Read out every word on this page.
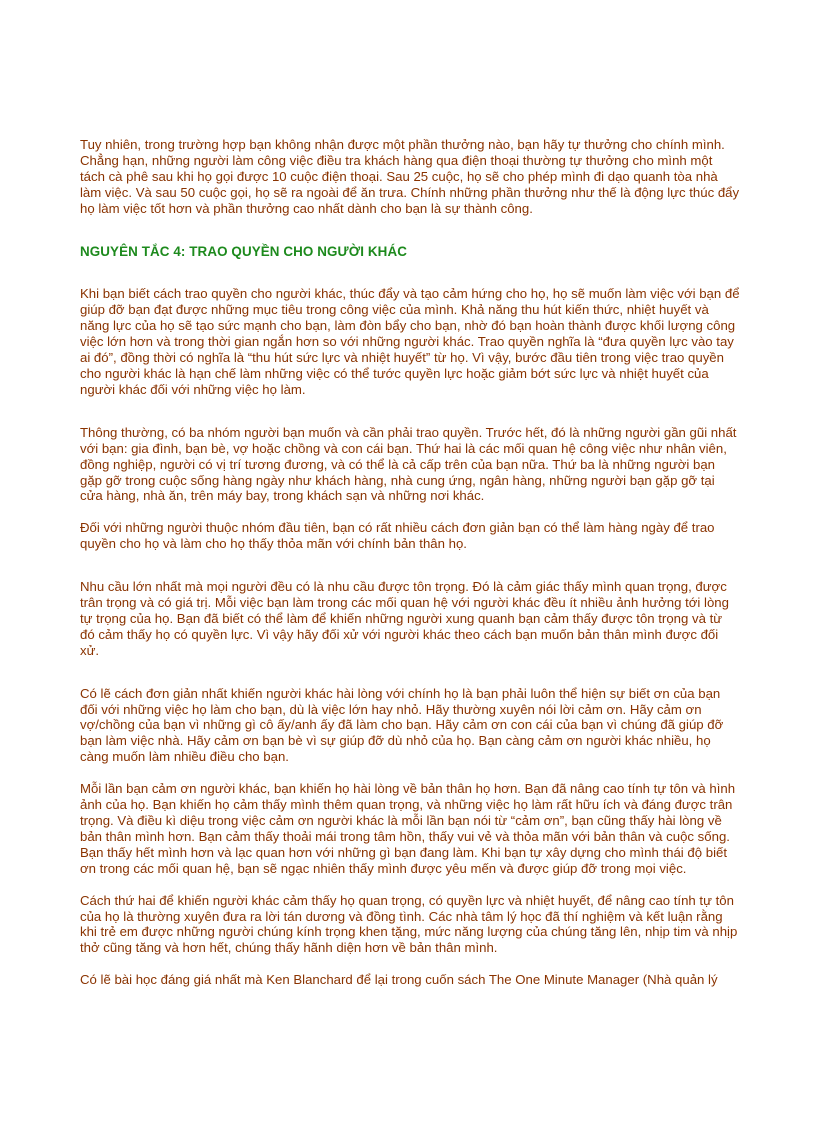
Tuy nhiên, trong trường hợp bạn không nhận được một phần thưởng nào, bạn hãy tự thưởng cho chính mình. Chẳng hạn, những người làm công việc điều tra khách hàng qua điện thoại thường tự thưởng cho mình một tách cà phê sau khi họ gọi được 10 cuộc điện thoại. Sau 25 cuộc, họ sẽ cho phép mình đi dạo quanh tòa nhà làm việc. Và sau 50 cuộc gọi, họ sẽ ra ngoài để ăn trưa. Chính những phần thưởng như thế là động lực thúc đẩy họ làm việc tốt hơn và phần thưởng cao nhất dành cho bạn là sự thành công.

NGUYÊN TẮC 4: TRAO QUYỀN CHO NGƯỜI KHÁC

Khi bạn biết cách trao quyền cho người khác, thúc đẩy và tạo cảm hứng cho họ, họ sẽ muốn làm việc với bạn để giúp đỡ bạn đạt được những mục tiêu trong công việc của mình. Khả năng thu hút kiến thức, nhiệt huyết và năng lực của họ sẽ tạo sức mạnh cho bạn, làm đòn bẩy cho bạn, nhờ đó bạn hoàn thành được khối lượng công việc lớn hơn và trong thời gian ngắn hơn so với những người khác. Trao quyền nghĩa là “đưa quyền lực vào tay ai đó”, đồng thời có nghĩa là “thu hút sức lực và nhiệt huyết” từ họ. Vì vậy, bước đầu tiên trong việc trao quyền cho người khác là hạn chế làm những việc có thể tước quyền lực hoặc giảm bớt sức lực và nhiệt huyết của người khác đối với những việc họ làm.

Thông thường, có ba nhóm người bạn muốn và cần phải trao quyền. Trước hết, đó là những người gần gũi nhất với bạn: gia đình, bạn bè, vợ hoặc chồng và con cái bạn. Thứ hai là các mối quan hệ công việc như nhân viên, đồng nghiệp, người có vị trí tương đương, và có thể là cả cấp trên của bạn nữa. Thứ ba là những người bạn gặp gỡ trong cuộc sống hàng ngày như khách hàng, nhà cung ứng, ngân hàng, những người bạn gặp gỡ tại cửa hàng, nhà ăn, trên máy bay, trong khách sạn và những nơi khác.

Đối với những người thuộc nhóm đầu tiên, bạn có rất nhiều cách đơn giản bạn có thể làm hàng ngày để trao quyền cho họ và làm cho họ thấy thỏa mãn với chính bản thân họ.

Nhu cầu lớn nhất mà mọi người đều có là nhu cầu được tôn trọng. Đó là cảm giác thấy mình quan trọng, được trân trọng và có giá trị. Mỗi việc bạn làm trong các mối quan hệ với người khác đều ít nhiều ảnh hưởng tới lòng tự trọng của họ. Bạn đã biết có thể làm để khiến những người xung quanh bạn cảm thấy được tôn trọng và từ đó cảm thấy họ có quyền lực. Vì vậy hãy đối xử với người khác theo cách bạn muốn bản thân mình được đối xử.

Có lẽ cách đơn giản nhất khiến người khác hài lòng với chính họ là bạn phải luôn thể hiện sự biết ơn của bạn đối với những việc họ làm cho bạn, dù là việc lớn hay nhỏ. Hãy thường xuyên nói lời cảm ơn. Hãy cảm ơn vợ/chồng của bạn vì những gì cô ấy/anh ấy đã làm cho bạn. Hãy cảm ơn con cái của bạn vì chúng đã giúp đỡ bạn làm việc nhà. Hãy cảm ơn bạn bè vì sự giúp đỡ dù nhỏ của họ. Bạn càng cảm ơn người khác nhiều, họ càng muốn làm nhiều điều cho bạn.

Mỗi lần bạn cảm ơn người khác, bạn khiến họ hài lòng về bản thân họ hơn. Bạn đã nâng cao tính tự tôn và hình ảnh của họ. Bạn khiến họ cảm thấy mình thêm quan trọng, và những việc họ làm rất hữu ích và đáng được trân trọng. Và điều kì diệu trong việc cảm ơn người khác là mỗi lần bạn nói từ “cảm ơn”, bạn cũng thấy hài lòng về bản thân mình hơn. Bạn cảm thấy thoải mái trong tâm hồn, thấy vui vẻ và thỏa mãn với bản thân và cuộc sống. Bạn thấy hết mình hơn và lạc quan hơn với những gì bạn đang làm. Khi bạn tự xây dựng cho mình thái độ biết ơn trong các mối quan hệ, bạn sẽ ngạc nhiên thấy mình được yêu mến và được giúp đỡ trong mọi việc.

Cách thứ hai để khiến người khác cảm thấy họ quan trọng, có quyền lực và nhiệt huyết, để nâng cao tính tự tôn của họ là thường xuyên đưa ra lời tán dương và đồng tình. Các nhà tâm lý học đã thí nghiệm và kết luận rằng khi trẻ em được những người chúng kính trọng khen tặng, mức năng lượng của chúng tăng lên, nhịp tim và nhịp thở cũng tăng và hơn hết, chúng thấy hãnh diện hơn về bản thân mình.

Có lẽ bài học đáng giá nhất mà Ken Blanchard để lại trong cuốn sách The One Minute Manager (Nhà quản lý
